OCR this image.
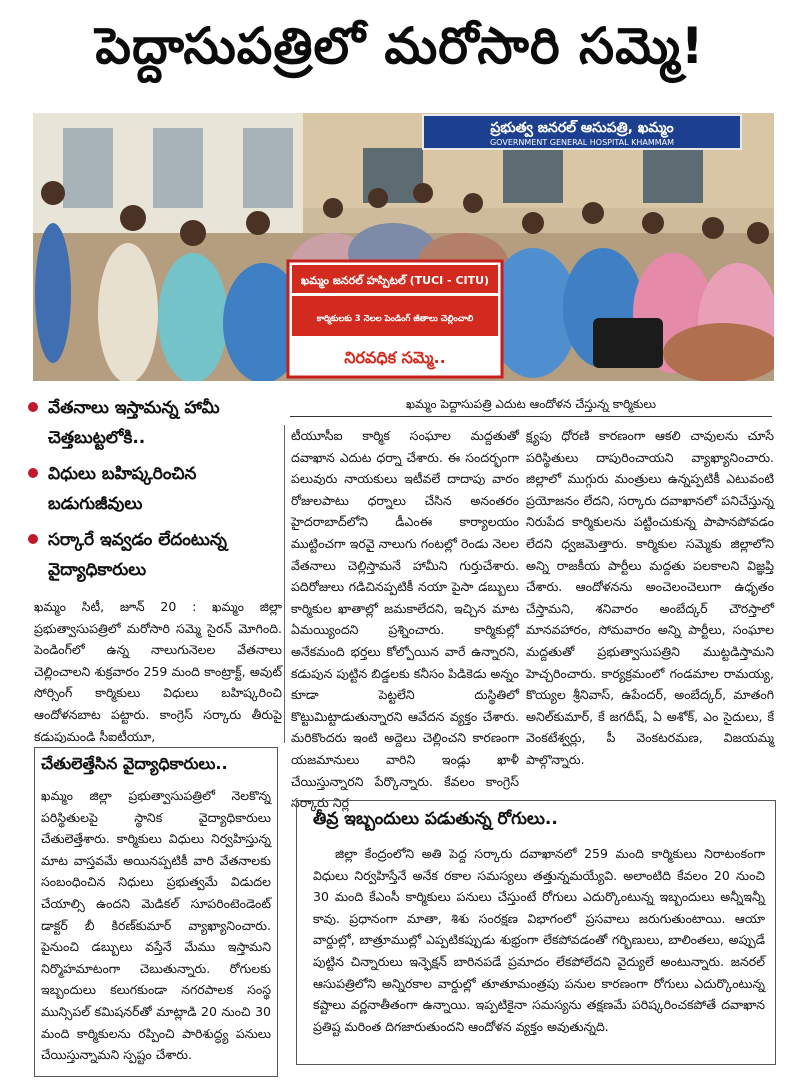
పెద్దాసుపత్రిలో మరోసారి సమ్మె!
ప్రభుత్వ జనరల్ ఆసుపత్రి, ఖమ్మం
GOVERNMENT GENERAL HOSPITAL KHAMMAM
ఖమ్మం జనరల్ హస్పిటల్ (TUCI - CITU)
కార్మికులకు 3 నెలల పెండింగ్ జీతాలు చెల్లించాలి
నిరవధిక సమ్మె..
ఖమ్మం పెద్దాసుపత్రి ఎదుట ఆందోళన చేస్తున్న కార్మికులు
వేతనాలు ఇస్తామన్న హామీ చెత్తబుట్టలోకి..
విధులు బహిష్కరించిన బడుగుజీవులు
సర్కారే ఇవ్వడం లేదంటున్న వైద్యాధికారులు

ఖమ్మం సిటీ, జూన్ 20 : ఖమ్మం జిల్లా ప్రభుత్వాసుపత్రిలో మరోసారి సమ్మె సైరన్ మోగింది. పెండింగ్‌లో ఉన్న నాలుగునెలల వేతనాలు చెల్లించాలని శుక్రవారం 259 మంది కాంట్రాక్ట్, అవుట్ సోర్సింగ్ కార్మికులు విధులు బహిష్కరించి ఆందోళనబాట పట్టారు. కాంగ్రెస్ సర్కారు తీరుపై కడుపుమండి సీఐటీయూ,

టీయూసీఐ కార్మిక సంఘాల మద్దతుతో దవాఖాన ఎదుట ధర్నా చేశారు. ఈ సందర్భంగా పలువురు నాయకులు ఇటీవలే దాదాపు వారం రోజులపాటు ధర్నాలు చేసిన అనంతరం హైదరాబాద్‌లోని డీఎంఈ కార్యాలయం ముట్టించగా ఇరవై నాలుగు గంటల్లో రెండు నెలల వేతనాలు చెల్లిస్తామనే హామీని గుర్తుచేశారు. పదిరోజులు గడిచినప్పటికీ నయా పైసా డబ్బులు కార్మికుల ఖాతాల్లో జమకాలేదని, ఇచ్చిన మాట ఏమయ్యిందని ప్రశ్నించారు. కార్మికుల్లో అనేకమంది భర్తలు కోల్పోయిన వారే ఉన్నారని, కడుపున పుట్టిన బిడ్డలకు కనీసం పిడికెడు అన్నం కూడా పెట్టలేని దుస్థితిలో కొట్టుమిట్టాడుతున్నారని ఆవేదన వ్యక్తం చేశారు. మరికొందరు ఇంటి అద్దెలు చెల్లించని కారణంగా యజమానులు వారిని ఇండ్లు ఖాళీ చేయిస్తున్నారని పేర్కొన్నారు. కేవలం కాంగ్రెస్ సర్కారు నిర్ల

క్ష్యపు ధోరణి కారణంగా ఆకలి చావులను చూసే పరిస్థితులు దాపురించాయని వ్యాఖ్యానించారు. జిల్లాలో ముగ్గురు మంత్రులు ఉన్నప్పటికీ ఎటువంటి ప్రయోజనం లేదని, సర్కారు దవాఖానలో పనిచేస్తున్న నిరుపేద కార్మికులను పట్టించుకున్న పాపానపోవడం లేదని ధ్వజమెత్తారు. కార్మికుల సమ్మెకు జిల్లాలోని అన్ని రాజకీయ పార్టీలు మద్దతు పలకాలని విజ్ఞప్తి చేశారు. ఆందోళనను అంచెలంచెలుగా ఉధృతం చేస్తామని, శనివారం అంబేద్కర్ చౌరస్తాలో మానవహారం, సోమవారం అన్ని పార్టీలు, సంఘాల మద్దతుతో ప్రభుత్వాసుపత్రిని ముట్టడిస్తామని హెచ్చరించారు. కార్యక్రమంలో గండమాల రామయ్య, కొయ్యల శ్రీనివాస్, ఉపేందర్, అంబేద్కర్, మాతంగి అనిల్‌కుమార్, కే జగదీష్, ఏ అశోక్, ఎం సైదులు, కే వెంకటేశ్వర్లు, పీ వెంకటరమణ, విజయమ్మ పాల్గొన్నారు.

చేతులెత్తేసిన వైద్యాధికారులు..

ఖమ్మం జిల్లా ప్రభుత్వాసుపత్రిలో నెలకొన్న పరిస్థితులపై స్థానిక వైద్యాధికారులు చేతులెత్తేశారు. కార్మికులు విధులు నిర్వహిస్తున్న మాట వాస్తవమే అయినప్పటికీ వారి వేతనాలకు సంబంధించిన నిధులు ప్రభుత్వమే విడుదల చేయాల్సి ఉందని మెడికల్ సూపరింటెండెంట్ డాక్టర్ బీ కిరణ్‌కుమార్ వ్యాఖ్యానించారు. పైనుంచి డబ్బులు వస్తేనే మేము ఇస్తామని నిర్మొహమాటంగా చెబుతున్నారు. రోగులకు ఇబ్బందులు కలుగకుండా నగరపాలక సంస్థ మున్సిపల్ కమిషనర్‌తో మాట్లాడి 20 నుంచి 30 మంది కార్మికులను రప్పించి పారిశుద్ధ్య పనులు చేయిస్తున్నామని స్పష్టం చేశారు.

తీవ్ర ఇబ్బందులు పడుతున్న రోగులు..

జిల్లా కేంద్రంలోని అతి పెద్ద సర్కారు దవాఖానలో 259 మంది కార్మికులు నిరాటంకంగా విధులు నిర్వహిస్తేనే అనేక రకాల సమస్యలు తత్తున్నమయ్యేవి. అలాంటిది కేవలం 20 నుంచి 30 మంది కేఎంసీ కార్మికులు పనులు చేస్తుంటే రోగులు ఎదుర్కొంటున్న ఇబ్బందులు అన్నీఇన్నీ కావు. ప్రధానంగా మాతా, శిశు సంరక్షణ విభాగంలో ప్రసవాలు జరుగుతుంటాయి. ఆయా వార్డుల్లో, బాత్రూముల్లో ఎప్పటికప్పుడు శుభ్రంగా లేకపోవడంతో గర్భిణులు, బాలింతలు, అప్పుడే పుట్టిన చిన్నారులు ఇన్ఫెక్షన్ బారినపడే ప్రమాదం లేకపోలేదని వైద్యులే అంటున్నారు. జనరల్ ఆసుపత్రిలోని అన్నిరకాల వార్డుల్లో తూతూమంత్రపు పనుల కారణంగా రోగులు ఎదుర్కొంటున్న కష్టాలు వర్ణనాతీతంగా ఉన్నాయి. ఇప్పటికైనా సమస్యను తక్షణమే పరిష్కరించకపోతే దవాఖాన ప్రతిష్ట మరింత దిగజారుతుందని ఆందోళన వ్యక్తం అవుతున్నది.
